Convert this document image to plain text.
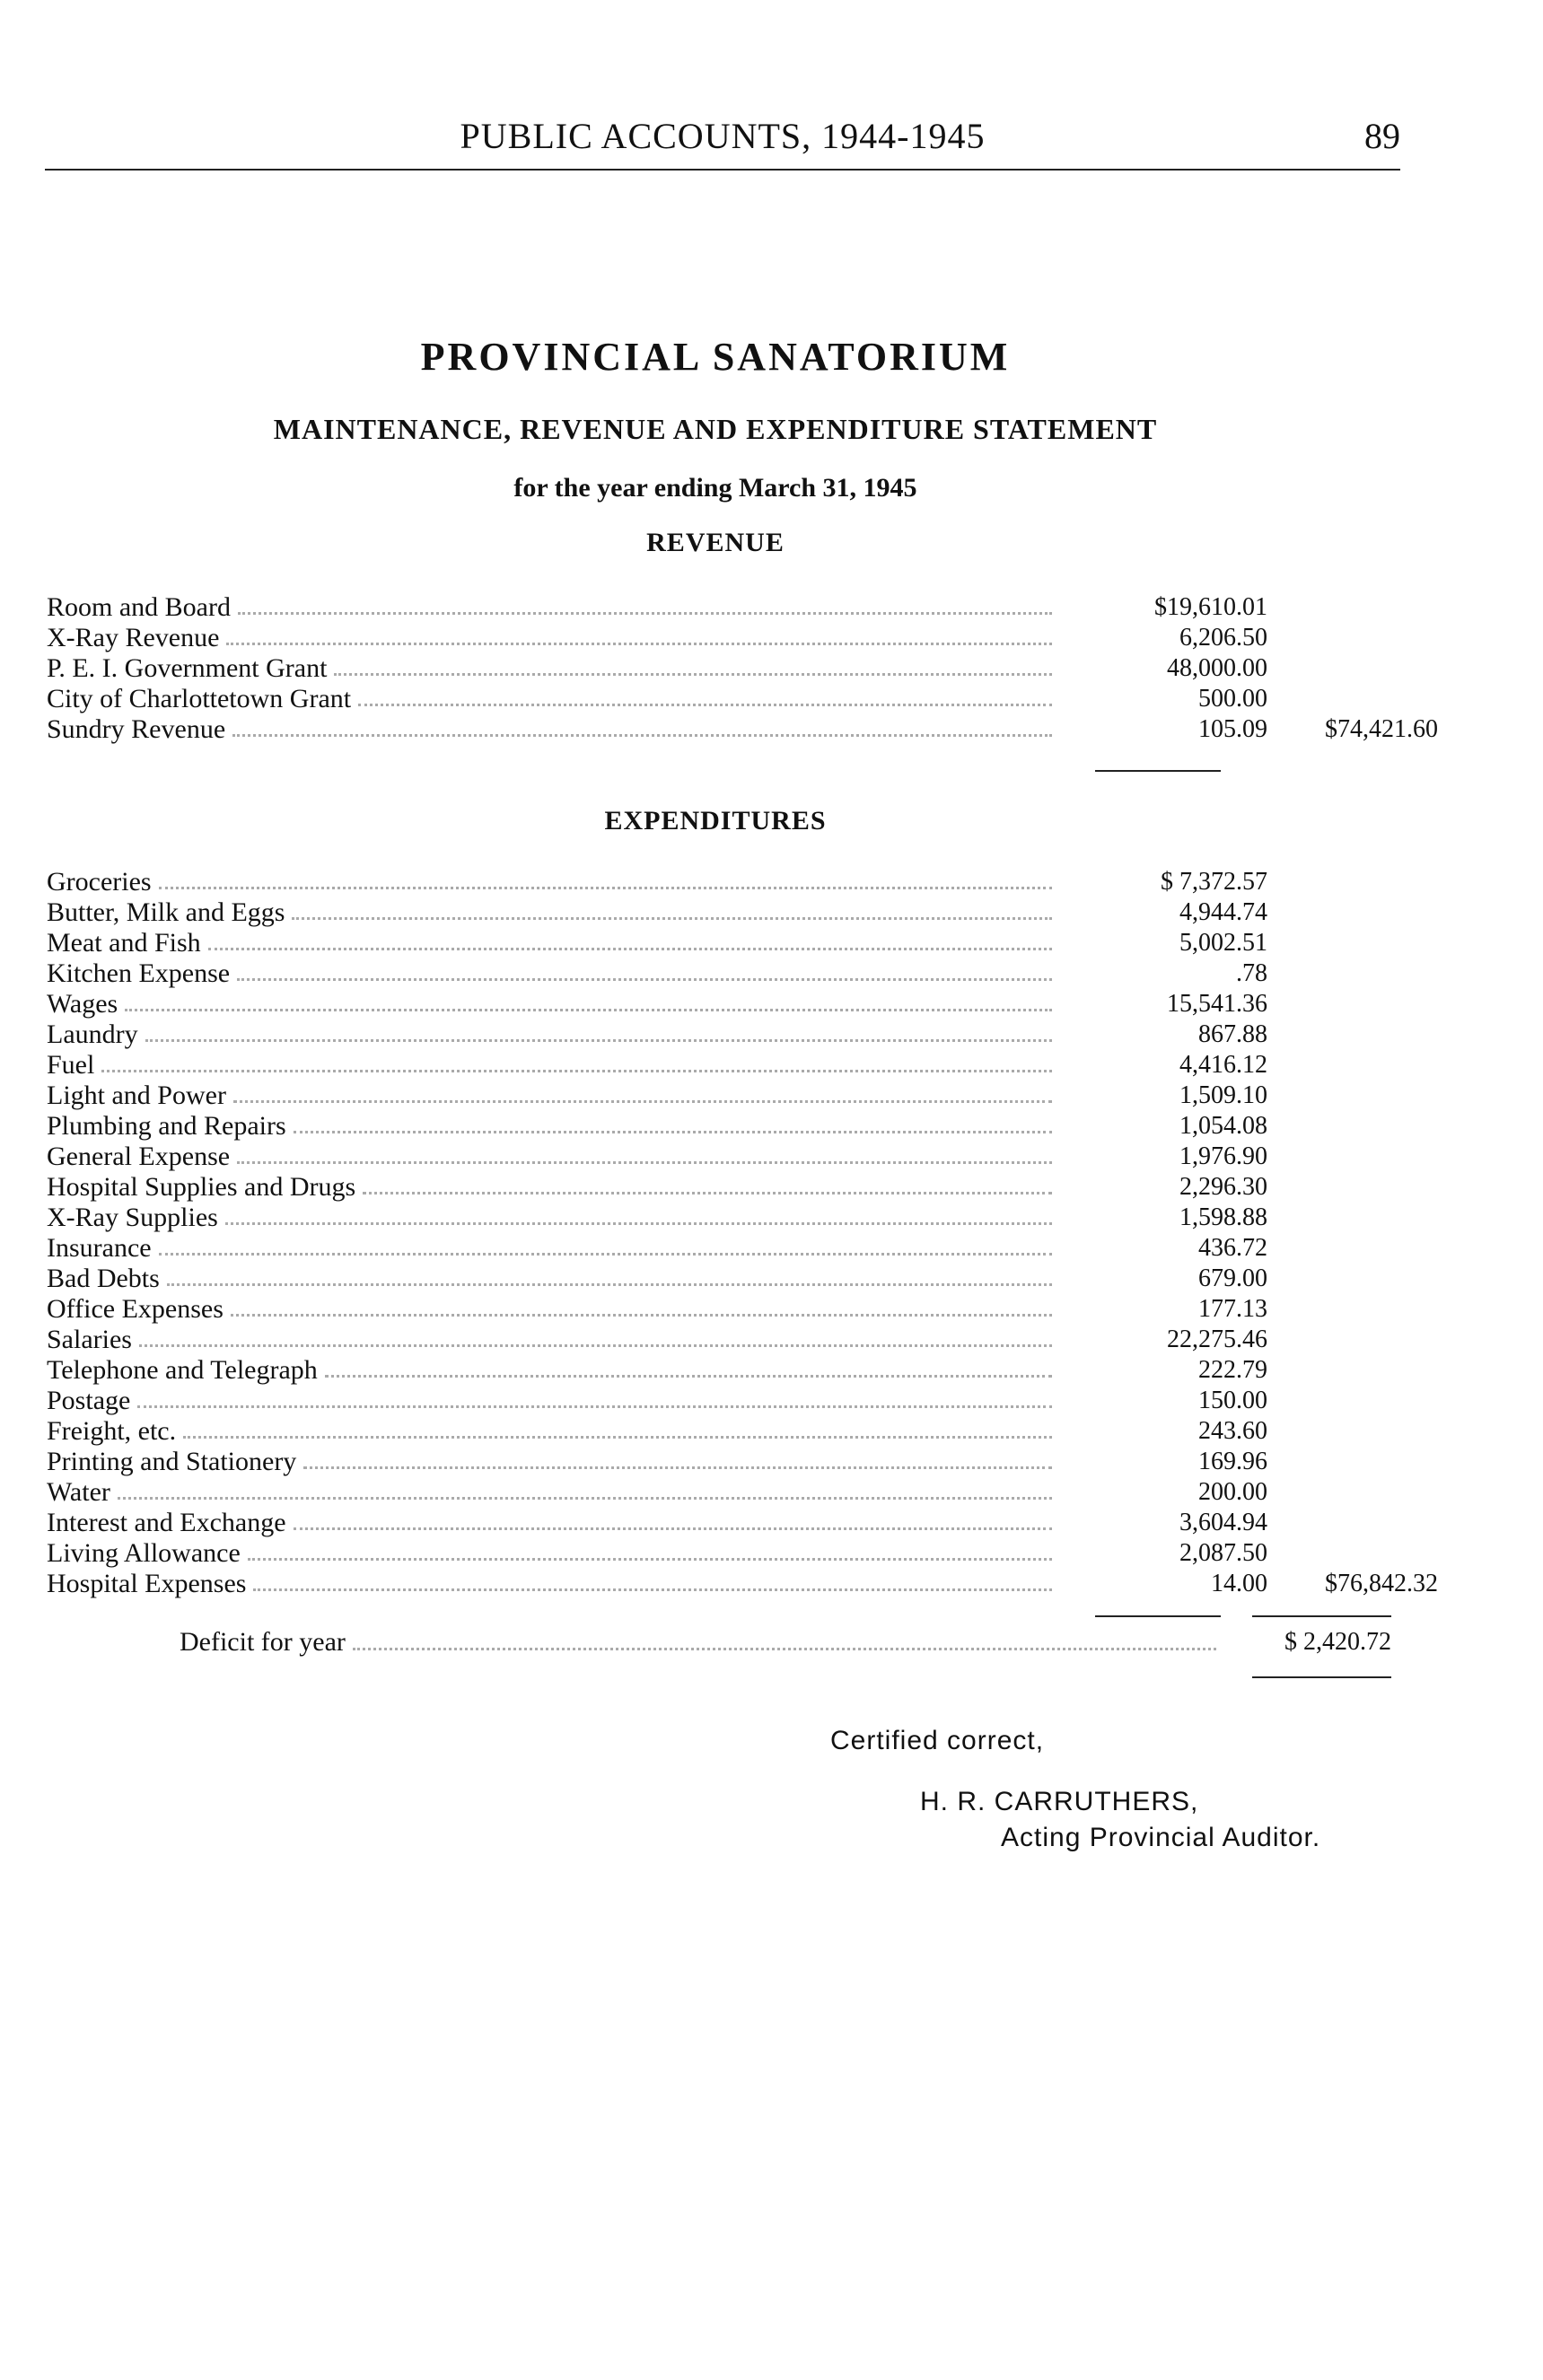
PUBLIC ACCOUNTS, 1944-1945	89
PROVINCIAL SANATORIUM
MAINTENANCE, REVENUE AND EXPENDITURE STATEMENT
for the year ending March 31, 1945
REVENUE
Room and Board	$19,610.01
X-Ray Revenue	6,206.50
P. E. I. Government Grant	48,000.00
City of Charlottetown Grant	500.00
Sundry Revenue	105.09	$74,421.60
EXPENDITURES
Groceries	$ 7,372.57
Butter, Milk and Eggs	4,944.74
Meat and Fish	5,002.51
Kitchen Expense	.78
Wages	15,541.36
Laundry	867.88
Fuel	4,416.12
Light and Power	1,509.10
Plumbing and Repairs	1,054.08
General Expense	1,976.90
Hospital Supplies and Drugs	2,296.30
X-Ray Supplies	1,598.88
Insurance	436.72
Bad Debts	679.00
Office Expenses	177.13
Salaries	22,275.46
Telephone and Telegraph	222.79
Postage	150.00
Freight, etc.	243.60
Printing and Stationery	169.96
Water	200.00
Interest and Exchange	3,604.94
Living Allowance	2,087.50
Hospital Expenses	14.00	$76,842.32
Deficit for year	$ 2,420.72
Certified correct,
H. R. CARRUTHERS,
Acting Provincial Auditor.
